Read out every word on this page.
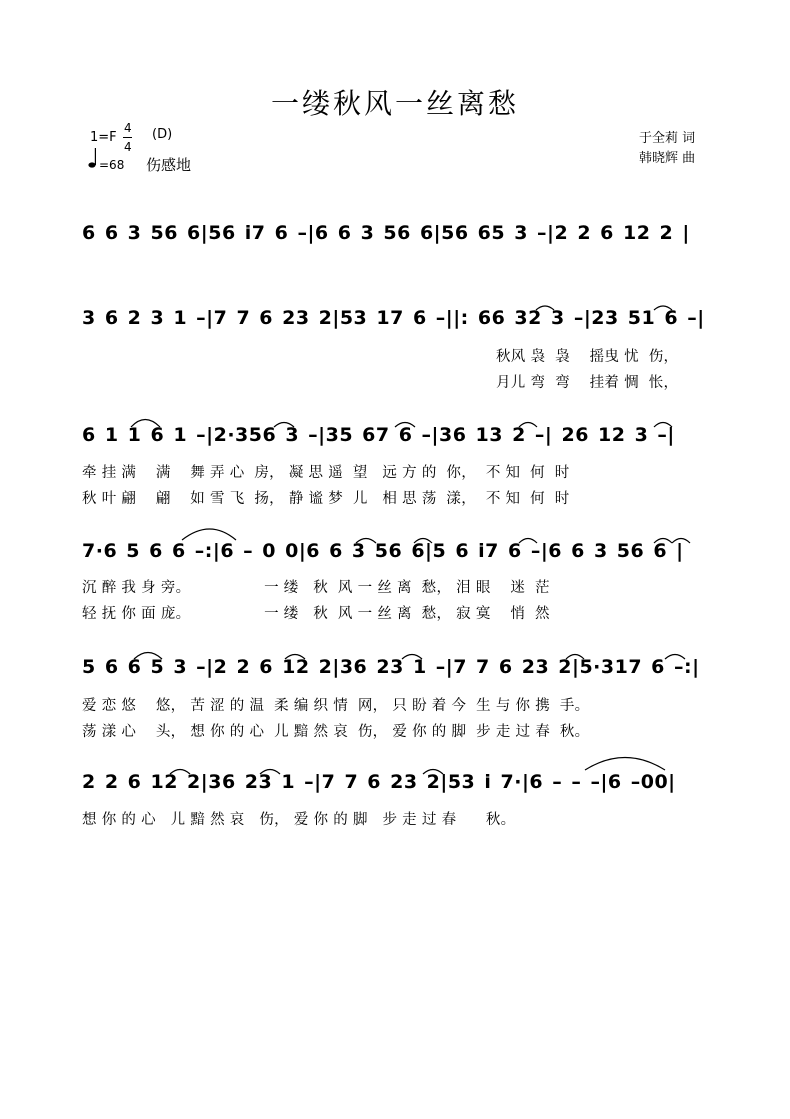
一缕秋风一丝离愁
1=F
4
4
(D)
=68 伤感地
于全莉 词
韩晓辉 曲
6 6 3 56 6|56 i7 6 –|6 6 3 56 6|56 65 3 –|2 2 6 12 2 |
3 6 2 3 1 –|7 7 6 23 2|53 17 6 –||: 66 32 3 –|23 51 6 –|
秋风 袅  袅    摇曳 忧  伤，
月儿 弯  弯    挂着 惆  怅，
6 1 1 6 1 –|2·356 3 –|35 67 6 –|36 13 2 –| 26 12 3 –|
牵 挂 满    满    舞 弄 心  房， 凝 思 遥  望   远 方 的  你，  不 知  何  时
秋 叶 翩    翩    如 雪 飞  扬， 静 谧 梦  儿   相 思 荡  漾，  不 知  何  时
7·6 5 6 6 –:|6 – 0 0|6 6 3 56 6|5 6 i7 6 –|6 6 3 56 6 |
沉 醉 我 身 旁。               一 缕   秋  风 一 丝 离  愁， 泪 眼    迷  茫
轻 抚 你 面 庞。               一 缕   秋  风 一 丝 离  愁， 寂 寞    悄  然
5 6 6 5 3 –|2 2 6 12 2|36 23 1 –|7 7 6 23 2|5·317 6 –:|
爱 恋 悠    悠， 苦 涩 的 温  柔 编 织 情  网， 只 盼 着 今  生 与 你 携  手。
荡 漾 心    头， 想 你 的 心  儿 黯 然 哀  伤， 爱 你 的 脚  步 走 过 春  秋。
2 2 6 12 2|36 23 1 –|7 7 6 23 2|53 i 7·|6 – – –|6 –00|
想 你 的 心   儿 黯 然 哀   伤， 爱 你 的 脚   步 走 过 春      秋。
